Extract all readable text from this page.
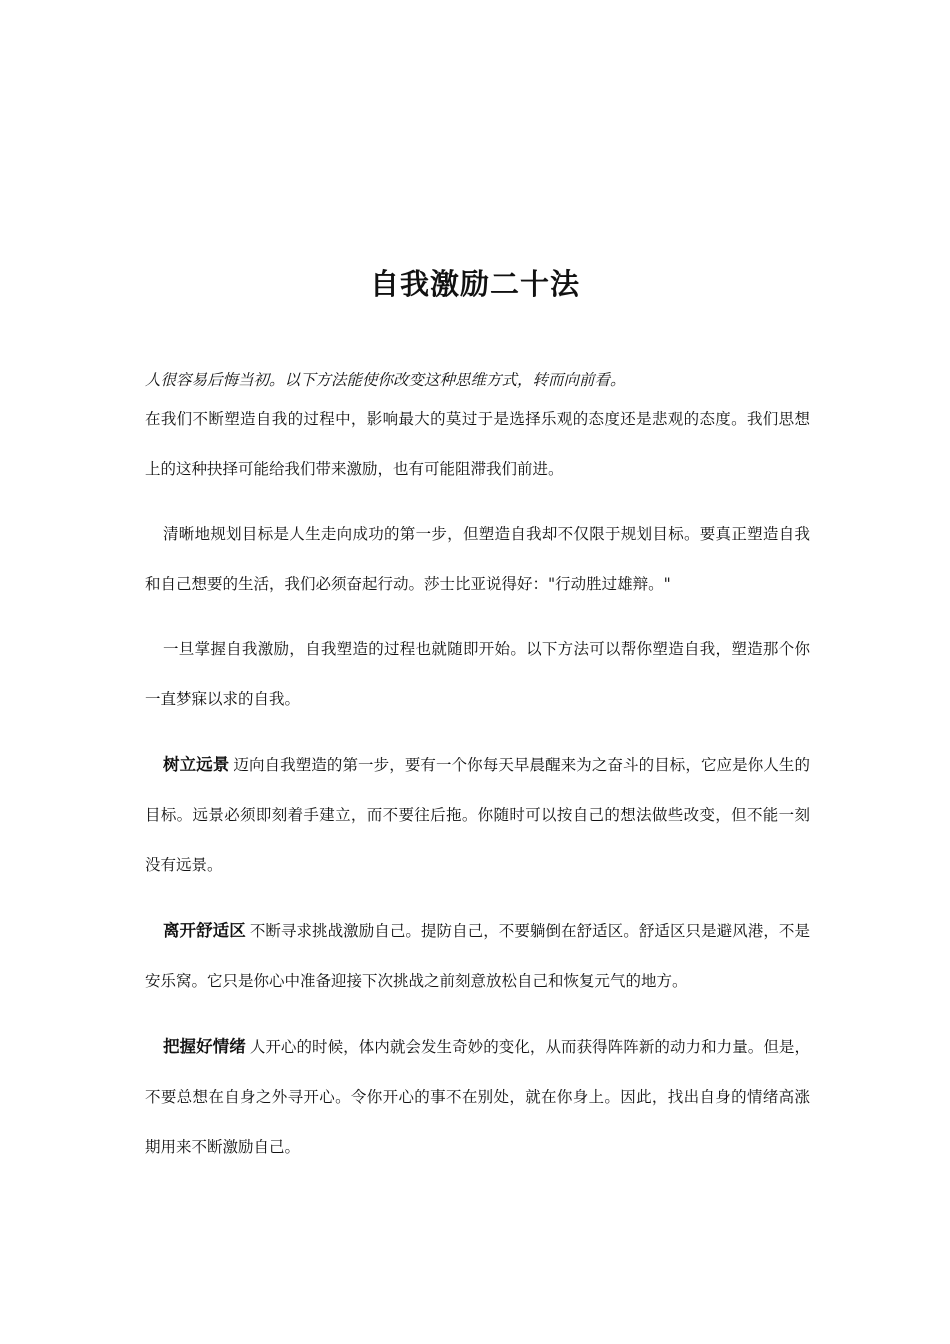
自我激励二十法

人很容易后悔当初。以下方法能使你改变这种思维方式，转而向前看。

在我们不断塑造自我的过程中，影响最大的莫过于是选择乐观的态度还是悲观的态度。我们思想上的这种抉择可能给我们带来激励，也有可能阻滞我们前进。

清晰地规划目标是人生走向成功的第一步，但塑造自我却不仅限于规划目标。要真正塑造自我和自己想要的生活，我们必须奋起行动。莎士比亚说得好："行动胜过雄辩。"

一旦掌握自我激励，自我塑造的过程也就随即开始。以下方法可以帮你塑造自我，塑造那个你一直梦寐以求的自我。

树立远景 迈向自我塑造的第一步，要有一个你每天早晨醒来为之奋斗的目标，它应是你人生的目标。远景必须即刻着手建立，而不要往后拖。你随时可以按自己的想法做些改变，但不能一刻没有远景。

离开舒适区 不断寻求挑战激励自己。提防自己，不要躺倒在舒适区。舒适区只是避风港，不是安乐窝。它只是你心中准备迎接下次挑战之前刻意放松自己和恢复元气的地方。

把握好情绪 人开心的时候，体内就会发生奇妙的变化，从而获得阵阵新的动力和力量。但是，不要总想在自身之外寻开心。令你开心的事不在别处，就在你身上。因此，找出自身的情绪高涨期用来不断激励自己。
